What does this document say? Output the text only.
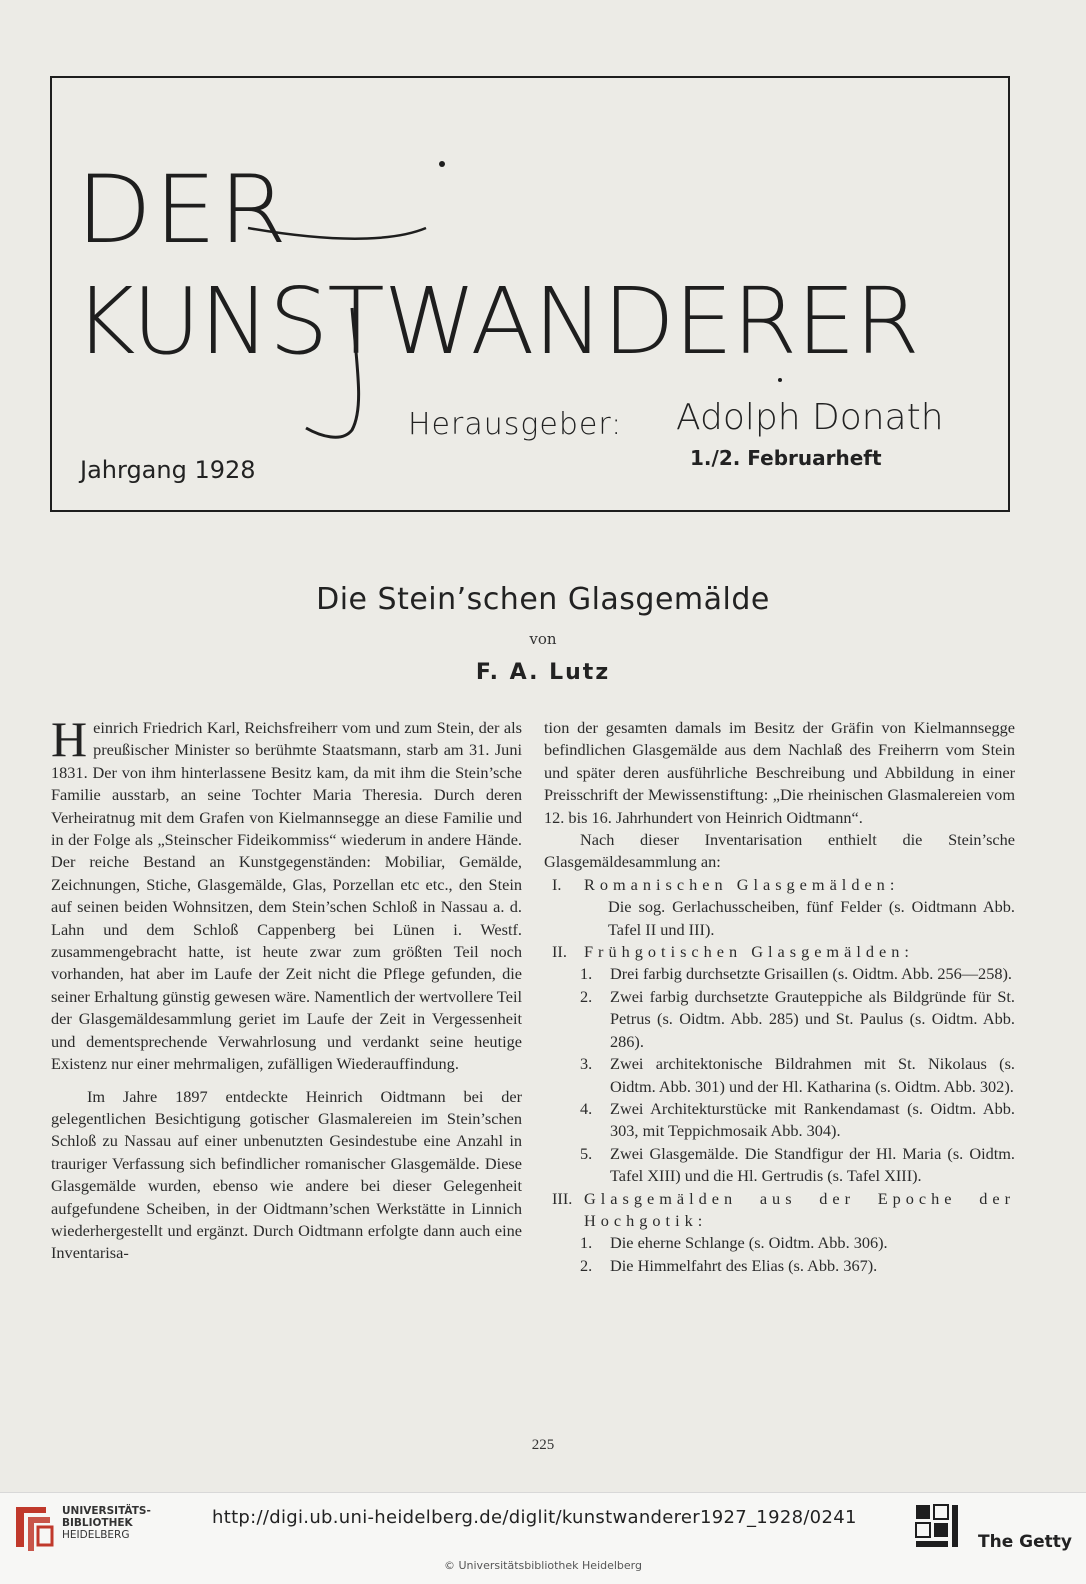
DER
KUNSTWANDERER
Herausgeber: Adolph Donath
Jahrgang 1928	1./2. Februarheft
Die Stein’schen Glasgemälde
von
F. A. Lutz

Heinrich Friedrich Karl, Reichsfreiherr vom und zum Stein, der als preußischer Minister so berühmte Staatsmann, starb am 31. Juni 1831. Der von ihm hinterlassene Besitz kam, da mit ihm die Stein’sche Familie ausstarb, an seine Tochter Maria Theresia. Durch deren Verheiratnug mit dem Grafen von Kielmannsegge an diese Familie und in der Folge als „Steinscher Fideikommiss“ wiederum in andere Hände. Der reiche Bestand an Kunstgegenständen: Mobiliar, Gemälde, Zeichnungen, Stiche, Glasgemälde, Glas, Porzellan etc etc., den Stein auf seinen beiden Wohnsitzen, dem Stein’schen Schloß in Nassau a. d. Lahn und dem Schloß Cappenberg bei Lünen i. Westf. zusammengebracht hatte, ist heute zwar zum größten Teil noch vorhanden, hat aber im Laufe der Zeit nicht die Pflege gefunden, die seiner Erhaltung günstig gewesen wäre. Namentlich der wertvollere Teil der Glasgemäldesammlung geriet im Laufe der Zeit in Vergessenheit und dementsprechende Verwahrlosung und verdankt seine heutige Existenz nur einer mehrmaligen, zufälligen Wiederauffindung.

Im Jahre 1897 entdeckte Heinrich Oidtmann bei der gelegentlichen Besichtigung gotischer Glasmalereien im Stein’schen Schloß zu Nassau auf einer unbenutzten Gesindestube eine Anzahl in trauriger Verfassung sich befindlicher romanischer Glasgemälde. Diese Glasgemälde wurden, ebenso wie andere bei dieser Gelegenheit aufgefundene Scheiben, in der Oidtmann’schen Werkstätte in Linnich wiederhergestellt und ergänzt. Durch Oidtmann erfolgte dann auch eine Inventarisa-

tion der gesamten damals im Besitz der Gräfin von Kielmannsegge befindlichen Glasgemälde aus dem Nachlaß des Freiherrn vom Stein und später deren ausführliche Beschreibung und Abbildung in einer Preisschrift der Mewissenstiftung: „Die rheinischen Glasmalereien vom 12. bis 16. Jahrhundert von Heinrich Oidtmann“.

Nach dieser Inventarisation enthielt die Stein’sche Glasgemäldesammlung an:

I. Romanischen Glasgemälden:
Die sog. Gerlachusscheiben, fünf Felder (s. Oidtmann Abb. Tafel II und III).
II. Frühgotischen Glasgemälden:
1. Drei farbig durchsetzte Grisaillen (s. Oidtm. Abb. 256—258).
2. Zwei farbig durchsetzte Grauteppiche als Bildgründe für St. Petrus (s. Oidtm. Abb. 285) und St. Paulus (s. Oidtm. Abb. 286).
3. Zwei architektonische Bildrahmen mit St. Nikolaus (s. Oidtm. Abb. 301) und der Hl. Katharina (s. Oidtm. Abb. 302).
4. Zwei Architekturstücke mit Rankendamast (s. Oidtm. Abb. 303, mit Teppichmosaik Abb. 304).
5. Zwei Glasgemälde. Die Standfigur der Hl. Maria (s. Oidtm. Tafel XIII) und die Hl. Gertrudis (s. Tafel XIII).
III. Glasgemälden aus der Epoche der Hochgotik:
1. Die eherne Schlange (s. Oidtm. Abb. 306).
2. Die Himmelfahrt des Elias (s. Abb. 367).
225
UNIVERSITÄTS-
BIBLIOTHEK
HEIDELBERG
http://digi.ub.uni-heidelberg.de/diglit/kunstwanderer1927_1928/0241
© Universitätsbibliothek Heidelberg
The Getty
